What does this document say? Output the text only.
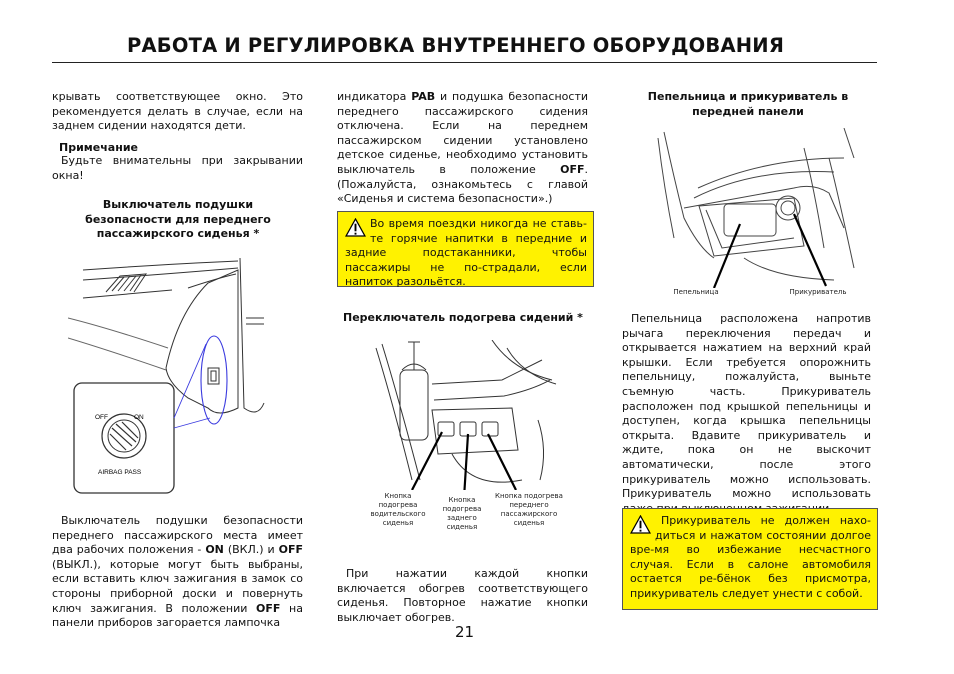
РАБОТА И РЕГУЛИРОВКА ВНУТРЕННЕГО ОБОРУДОВАНИЯ

крывать соответствующее окно. Это рекомендуется делать в случае, если на заднем сидении находятся дети.

Примечание

Будьте внимательны при закрывании окна!

Выключатель подушки безопасности для переднего пассажирского сиденья *
OFF	ON
AIRBAG PASS

Выключатель подушки безопасности переднего пассажирского места имеет два рабочих положения - ON (ВКЛ.) и OFF (ВЫКЛ.), которые могут быть выбраны, если вставить ключ зажигания в замок со стороны приборной доски и повернуть ключ зажигания. В положении OFF на панели приборов загорается лампочка

индикатора PAB и подушка безопасности переднего пассажирского сидения отключена. Если на переднем пассажирском сидении установлено детское сиденье, необходимо установить выключатель в положение OFF. (Пожалуйста, ознакомьтесь с главой «Сиденья и система безопасности».)

Во время поездки никогда не ставь-те горячие напитки в передние и задние подстаканники, чтобы пассажиры не по-страдали, если напиток разольётся.
Переключатель подогрева сидений *
Кнопка подогрева водительского сиденья
Кнопка подогрева заднего сиденья
Кнопка подогрева переднего пассажирского сиденья

При нажатии каждой кнопки включается обогрев соответствующего сиденья. Повторное нажатие кнопки выключает обогрев.

Пепельница и прикуриватель в передней панели
Пепельница	Прикуриватель

Пепельница расположена напротив рычага переключения передач и открывается нажатием на верхний край крышки. Если требуется опорожнить пепельницу, пожалуйста, выньте съемную часть. Прикуриватель расположен под крышкой пепельницы и доступен, когда крышка пепельницы открыта. Вдавите прикуриватель и ждите, пока он не выскочит автоматически, после этого прикуриватель можно использовать. Прикуриватель можно использовать

Прикуриватель не должен нахо-диться и нажатом состоянии долгое вре-мя во избежание несчастного случая. Если в салоне автомобиля остается ре-бёнок без присмотра, прикуриватель следует унести с собой.
21
